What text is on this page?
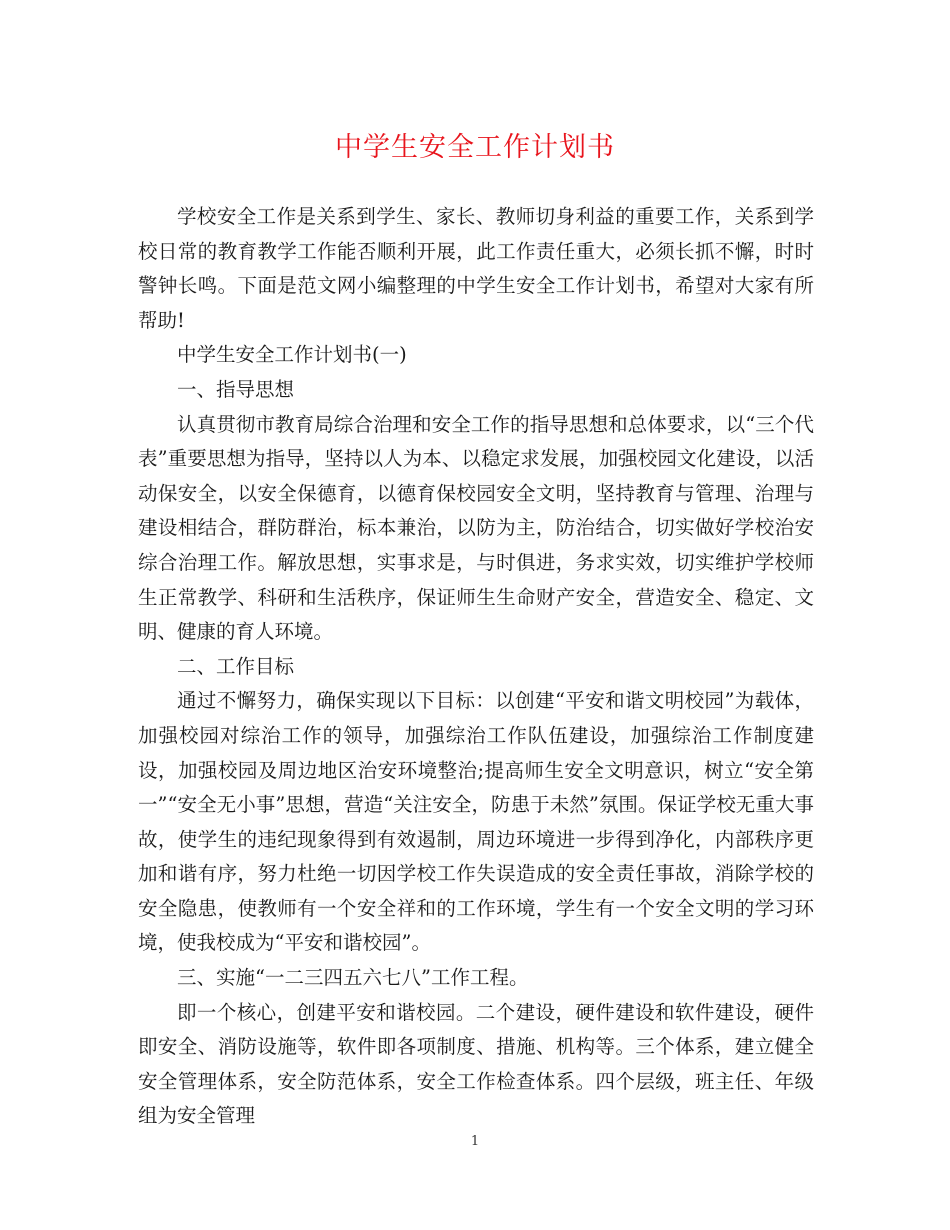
中学生安全工作计划书

学校安全工作是关系到学生、家长、教师切身利益的重要工作，关系到学校日常的教育教学工作能否顺利开展，此工作责任重大，必须长抓不懈，时时警钟长鸣。下面是范文网小编整理的中学生安全工作计划书，希望对大家有所帮助!

中学生安全工作计划书(一)

一、指导思想

认真贯彻市教育局综合治理和安全工作的指导思想和总体要求，以“三个代表”重要思想为指导，坚持以人为本、以稳定求发展，加强校园文化建设，以活动保安全，以安全保德育，以德育保校园安全文明，坚持教育与管理、治理与建设相结合，群防群治，标本兼治，以防为主，防治结合，切实做好学校治安综合治理工作。解放思想，实事求是，与时俱进，务求实效，切实维护学校师生正常教学、科研和生活秩序，保证师生生命财产安全，营造安全、稳定、文明、健康的育人环境。

二、工作目标

通过不懈努力，确保实现以下目标：以创建“平安和谐文明校园”为载体，加强校园对综治工作的领导，加强综治工作队伍建设，加强综治工作制度建设，加强校园及周边地区治安环境整治;提高师生安全文明意识，树立“安全第一”“安全无小事”思想，营造“关注安全，防患于未然”氛围。保证学校无重大事故，使学生的违纪现象得到有效遏制，周边环境进一步得到净化，内部秩序更加和谐有序，努力杜绝一切因学校工作失误造成的安全责任事故，消除学校的安全隐患，使教师有一个安全祥和的工作环境，学生有一个安全文明的学习环境，使我校成为“平安和谐校园”。

三、实施“一二三四五六七八”工作工程。

即一个核心，创建平安和谐校园。二个建设，硬件建设和软件建设，硬件即安全、消防设施等，软件即各项制度、措施、机构等。三个体系，建立健全安全管理体系，安全防范体系，安全工作检查体系。四个层级，班主任、年级组为安全管理

1
